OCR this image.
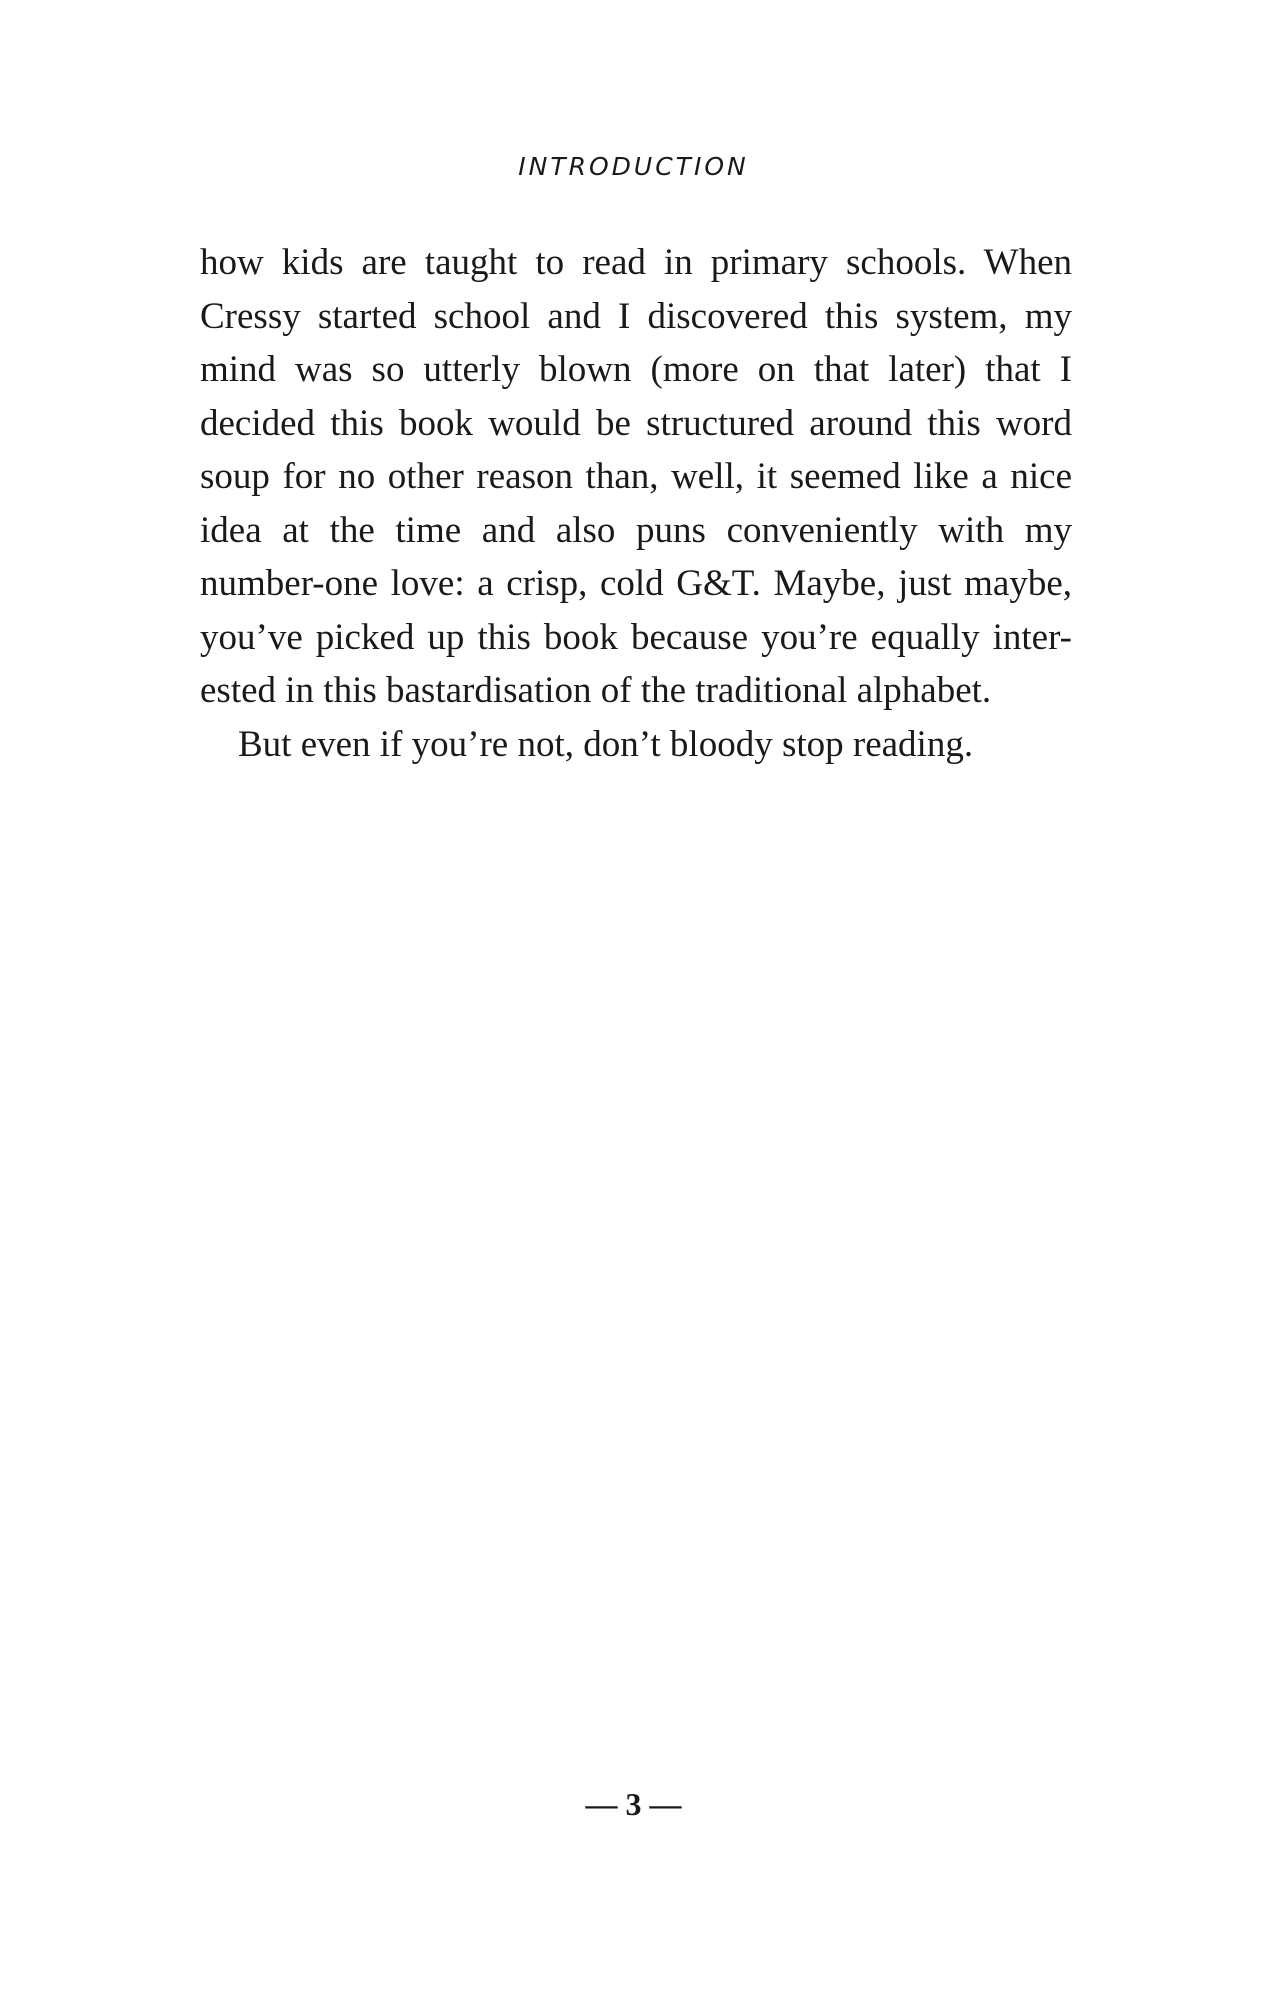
INTRODUCTION
how kids are taught to read in primary schools. When
Cressy started school and I discovered this system, my
mind was so utterly blown (more on that later) that I
decided this book would be structured around this word
soup for no other reason than, well, it seemed like a nice
idea at the time and also puns conveniently with my
number-one love: a crisp, cold G&T. Maybe, just maybe,
you’ve picked up this book because you’re equally inter-
ested in this bastardisation of the traditional alphabet.
But even if you’re not, don’t bloody stop reading.
— 3 —
